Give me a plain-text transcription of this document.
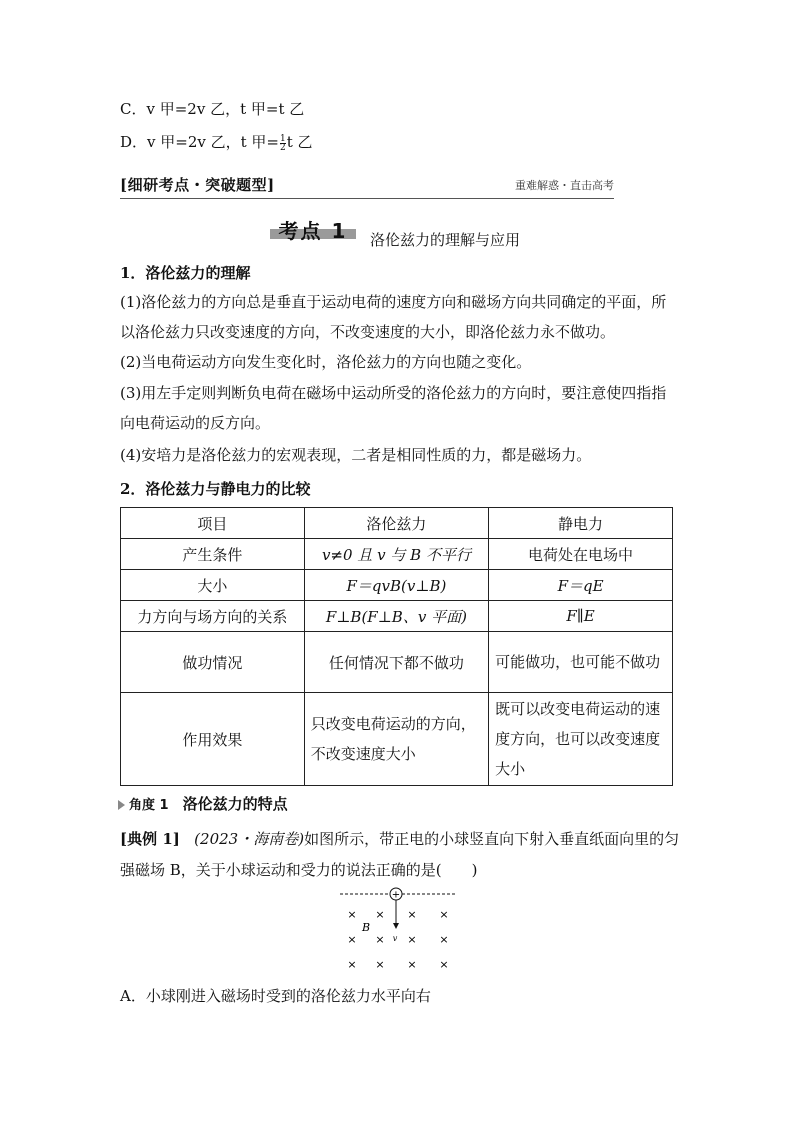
C．v 甲=2v 乙，t 甲=t 乙
D．v 甲=2v 乙，t 甲= $\frac{1}{2}$ t 乙
[细研考点・突破题型]	重难解惑・直击高考
考点 1	洛伦兹力的理解与应用
1．洛伦兹力的理解
(1)洛伦兹力的方向总是垂直于运动电荷的速度方向和磁场方向共同确定的平面，所以洛伦兹力只改变速度的方向，不改变速度的大小，即洛伦兹力永不做功。
(2)当电荷运动方向发生变化时，洛伦兹力的方向也随之变化。
(3)用左手定则判断负电荷在磁场中运动所受的洛伦兹力的方向时，要注意使四指指向电荷运动的反方向。
(4)安培力是洛伦兹力的宏观表现，二者是相同性质的力，都是磁场力。
2．洛伦兹力与静电力的比较
项目	洛伦兹力	静电力
产生条件	v≠0 且 v 与 B 不平行	电荷处在电场中
大小	F＝qvB(v⊥B)	F＝qE
力方向与场方向的关系	F⊥B(F⊥B、v 平面)	F∥E
做功情况	任何情况下都不做功	可能做功，也可能不做功
作用效果	只改变电荷运动的方向，不改变速度大小	既可以改变电荷运动的速度方向，也可以改变速度大小
角度 1 洛伦兹力的特点
[典例 1] (2023・海南卷)如图所示，带正电的小球竖直向下射入垂直纸面向里的匀强磁场 B，关于小球运动和受力的说法正确的是(　　)
+
v
B
× × × ×
× × × ×
× × × ×
A．小球刚进入磁场时受到的洛伦兹力水平向右
